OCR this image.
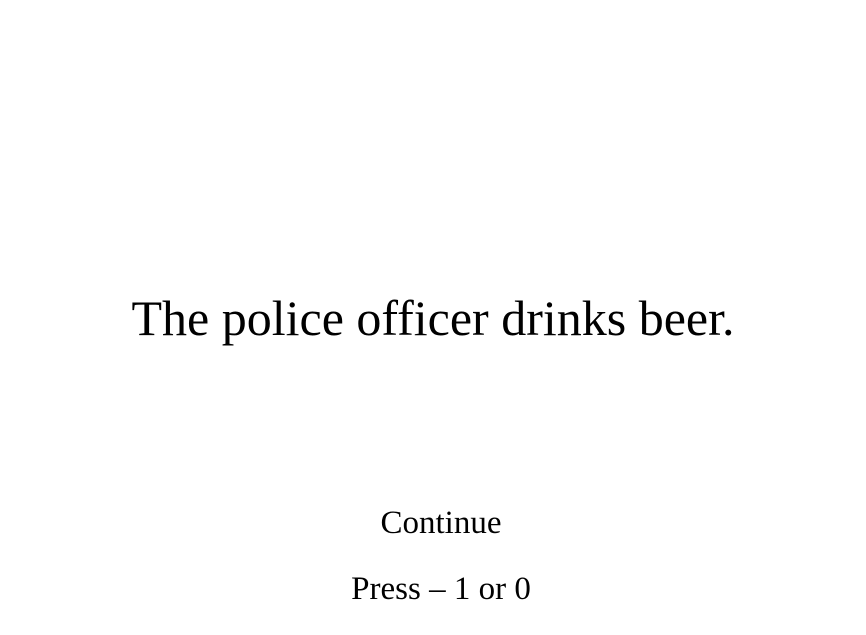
The police officer drinks beer.
Continue
Press – 1 or 0
